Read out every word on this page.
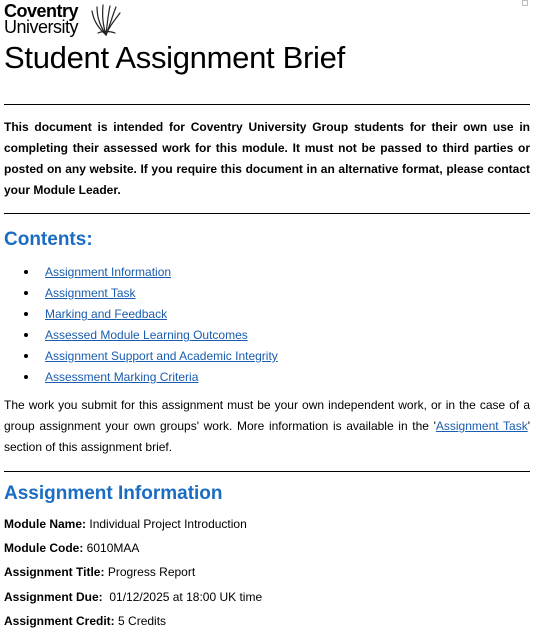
Coventry
University
Student Assignment Brief
This document is intended for Coventry University Group students for their own use in completing their assessed work for this module. It must not be passed to third parties or posted on any website. If you require this document in an alternative format, please contact your Module Leader.
Contents:
Assignment Information
Assignment Task
Marking and Feedback
Assessed Module Learning Outcomes
Assignment Support and Academic Integrity
Assessment Marking Criteria
The work you submit for this assignment must be your own independent work, or in the case of a group assignment your own groups' work. More information is available in the 'Assignment Task' section of this assignment brief.
Assignment Information
Module Name: Individual Project Introduction
Module Code: 6010MAA
Assignment Title: Progress Report
Assignment Due: 01/12/2025 at 18:00 UK time
Assignment Credit: 5 Credits
